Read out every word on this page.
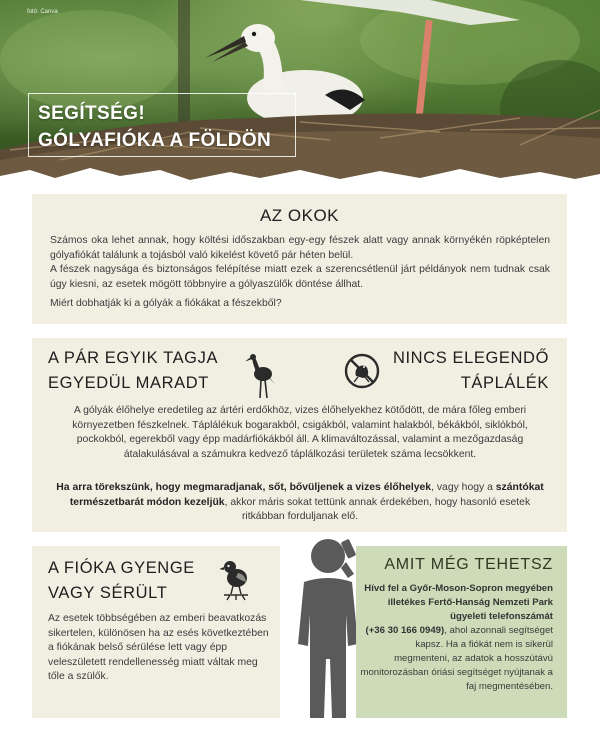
fotó: Canva
SEGÍTSÉG!
GÓLYAFIÓKA A FÖLDÖN
AZ OKOK

Számos oka lehet annak, hogy költési időszakban egy-egy fészek alatt vagy annak környékén röpképtelen gólyafiókát találunk a tojásból való kikelést követő pár héten belül.

A fészek nagysága és biztonságos felépítése miatt ezek a szerencsétlenül járt példányok nem tudnak csak úgy kiesni, az esetek mögött többnyire a gólyaszülők döntése állhat.

Miért dobhatják ki a gólyák a fiókákat a fészekből?
A PÁR EGYIK TAGJA
EGYEDÜL MARADT
NINCS ELEGENDŐ
TÁPLÁLÉK

A gólyák élőhelye eredetileg az ártéri erdőkhöz, vizes élőhelyekhez kötődött, de mára főleg emberi környezetben fészkelnek. Táplálékuk bogarakból, csigákból, valamint halakból, békákból, siklókból, pockokból, egerekből vagy épp madárfiókákból áll. A klimaváltozással, valamint a mezőgazdaság átalakulásával a számukra kedvező táplálkozási területek száma lecsökkent.

Ha arra törekszünk, hogy megmaradjanak, sőt, bővüljenek a vizes élőhelyek, vagy hogy a szántókat természetbarát módon kezeljük, akkor máris sokat tettünk annak érdekében, hogy hasonló esetek ritkábban forduljanak elő.
A FIÓKA GYENGE
VAGY SÉRÜLT
Az esetek többségében az emberi beavatkozás sikertelen, különösen ha az esés következtében a fiókának belső sérülése lett vagy épp veleszületett rendellenesség miatt váltak meg tőle a szülők.
AMIT MÉG TEHETSZ
Hívd fel a Győr-Moson-Sopron megyében illetékes Fertő-Hanság Nemzeti Park ügyeleti telefonszámát
(+36 30 166 0949), ahol azonnali segítséget kapsz. Ha a fiókát nem is sikerül megmenteni, az adatok a hosszútávú monitorozásban óriási segítséget nyújtanak a faj megmentésében.
